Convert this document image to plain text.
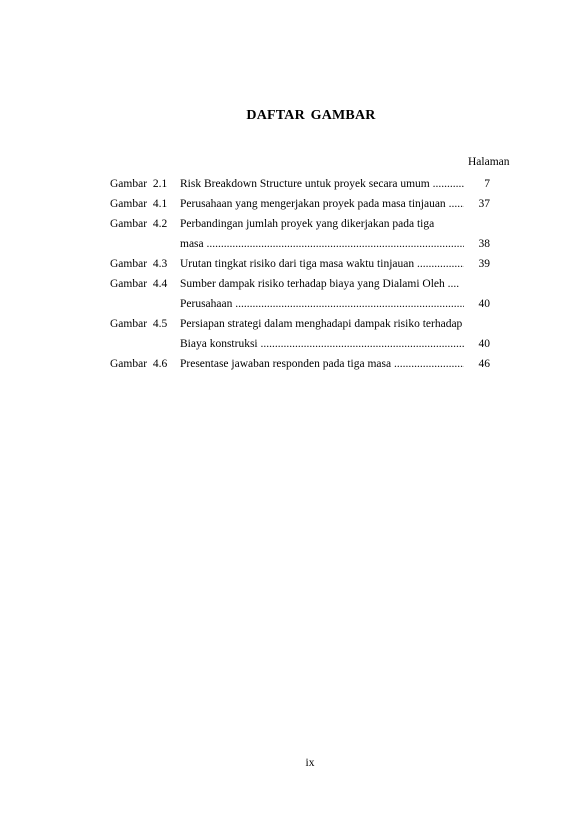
DAFTAR GAMBAR
Halaman
Gambar 2.1 Risk Breakdown Structure untuk proyek secara umum .....	7
Gambar 4.1 Perusahaan yang mengerjakan proyek pada masa tinjauan .....	37
Gambar 4.2 Perbandingan jumlah proyek yang dikerjakan pada tiga
masa .....	38
Gambar 4.3 Urutan tingkat risiko dari tiga masa waktu tinjauan .....	39
Gambar 4.4 Sumber dampak risiko terhadap biaya yang Dialami Oleh ....
Perusahaan .....	40
Gambar 4.5 Persiapan strategi dalam menghadapi dampak risiko terhadap
Biaya konstruksi .....	40
Gambar 4.6 Presentase jawaban responden pada tiga masa .....	46
ix
